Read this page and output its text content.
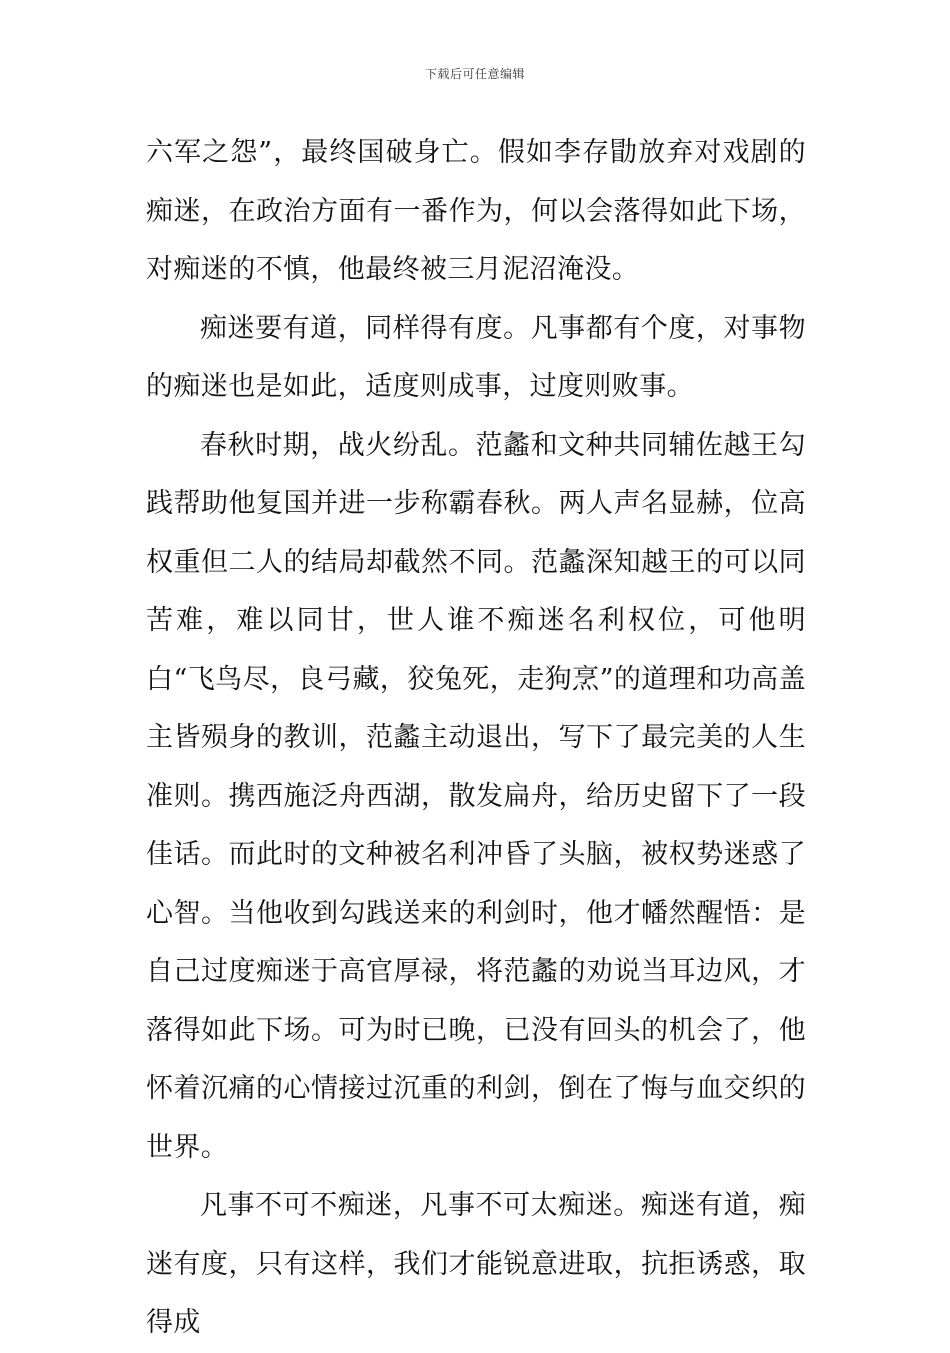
下载后可任意编辑

六军之怨”，最终国破身亡。假如李存勖放弃对戏剧的痴迷，在政治方面有一番作为，何以会落得如此下场，对痴迷的不慎，他最终被三月泥沼淹没。

痴迷要有道，同样得有度。凡事都有个度，对事物的痴迷也是如此，适度则成事，过度则败事。

春秋时期，战火纷乱。范蠡和文种共同辅佐越王勾践帮助他复国并进一步称霸春秋。两人声名显赫，位高权重但二人的结局却截然不同。范蠡深知越王的可以同苦难，难以同甘，世人谁不痴迷名利权位，可他明白“飞鸟尽，良弓藏，狡兔死，走狗烹”的道理和功高盖主皆殒身的教训，范蠡主动退出，写下了最完美的人生准则。携西施泛舟西湖，散发扁舟，给历史留下了一段佳话。而此时的文种被名利冲昏了头脑，被权势迷惑了心智。当他收到勾践送来的利剑时，他才幡然醒悟：是自己过度痴迷于高官厚禄，将范蠡的劝说当耳边风，才落得如此下场。可为时已晚，已没有回头的机会了，他怀着沉痛的心情接过沉重的利剑，倒在了悔与血交织的世界。

凡事不可不痴迷，凡事不可太痴迷。痴迷有道，痴迷有度，只有这样，我们才能锐意进取，抗拒诱惑，取得成
